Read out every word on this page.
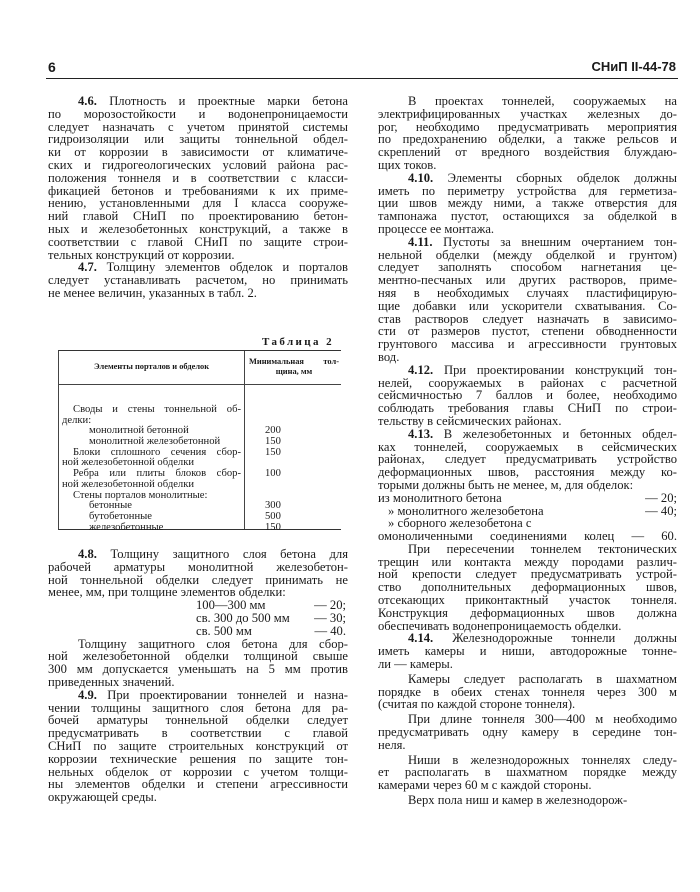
6	СНиП II-44-78
4.6. Плотность и проектные марки бетона
по морозостойкости и водонепроницаемости
следует назначать с учетом принятой системы
гидроизоляции или защиты тоннельной обдел-
ки от коррозии в зависимости от климатиче-
ских и гидрогеологических условий района рас-
положения тоннеля и в соответствии с класси-
фикацией бетонов и требованиями к их приме-
нению, установленными для I класса сооруже-
ний главой СНиП по проектированию бетон-
ных и железобетонных конструкций, а также в
соответствии с главой СНиП по защите строи-
тельных конструкций от коррозии.
4.7. Толщину элементов обделок и порталов
следует устанавливать расчетом, но принимать
не менее величин, указанных в табл. 2.
Таблица 2
Элементы порталов и обделок
Минимальная тол-
щина, мм
Своды и стены тоннельной об-
делки:
монолитной бетонной	200
монолитной железобетонной	150
Блоки сплошного сечения сбор-	150
ной железобетонной обделки
Ребра или плиты блоков сбор-	100
ной железобетонной обделки
Стены порталов монолитные:
бетонные	300
бутобетонные	500
железобетонные	150
4.8. Толщину защитного слоя бетона для
рабочей арматуры монолитной железобетон-
ной тоннельной обделки следует принимать не
менее, мм, при толщине элементов обделки:
100—300 мм	— 20;
св. 300 до 500 мм	— 30;
св. 500 мм	— 40.
Толщину защитного слоя бетона для сбор-
ной железобетонной обделки толщиной свыше
300 мм допускается уменьшать на 5 мм против
приведенных значений.
4.9. При проектировании тоннелей и назна-
чении толщины защитного слоя бетона для ра-
бочей арматуры тоннельной обделки следует
предусматривать в соответствии с главой
СНиП по защите строительных конструкций от
коррозии технические решения по защите тон-
нельных обделок от коррозии с учетом толщи-
ны элементов обделки и степени агрессивности
окружающей среды.
В проектах тоннелей, сооружаемых на
электрифицированных участках железных до-
рог, необходимо предусматривать мероприятия
по предохранению обделки, а также рельсов и
скреплений от вредного воздействия блуждаю-
щих токов.
4.10. Элементы сборных обделок должны
иметь по периметру устройства для герметиза-
ции швов между ними, а также отверстия для
тампонажа пустот, остающихся за обделкой в
процессе ее монтажа.
4.11. Пустоты за внешним очертанием тон-
нельной обделки (между обделкой и грунтом)
следует заполнять способом нагнетания це-
ментно-песчаных или других растворов, приме-
няя в необходимых случаях пластифицирую-
щие добавки или ускорители схватывания. Со-
став растворов следует назначать в зависимо-
сти от размеров пустот, степени обводненности
грунтового массива и агрессивности грунтовых
вод.
4.12. При проектировании конструкций тон-
нелей, сооружаемых в районах с расчетной
сейсмичностью 7 баллов и более, необходимо
соблюдать требования главы СНиП по строи-
тельству в сейсмических районах.
4.13. В железобетонных и бетонных обдел-
ках тоннелей, сооружаемых в сейсмических
районах, следует предусматривать устройство
деформационных швов, расстояния между ко-
торыми должны быть не менее, м, для обделок:
из монолитного бетона	— 20;
» монолитного железобетона	— 40;
» сборного железобетона с
омоноличенными соединениями колец — 60.
При пересечении тоннелем тектонических
трещин или контакта между породами различ-
ной крепости следует предусматривать устрой-
ство дополнительных деформационных швов,
отсекающих приконтактный участок тоннеля.
Конструкция деформационных швов должна
обеспечивать водонепроницаемость обделки.
4.14. Железнодорожные тоннели должны
иметь камеры и ниши, автодорожные тонне-
ли — камеры.
Камеры следует располагать в шахматном
порядке в обеих стенах тоннеля через 300 м
(считая по каждой стороне тоннеля).
При длине тоннеля 300—400 м необходимо
предусматривать одну камеру в середине тон-
неля.
Ниши в железнодорожных тоннелях следу-
ет располагать в шахматном порядке между
камерами через 60 м с каждой стороны.
Верх пола ниш и камер в железнодорож-
